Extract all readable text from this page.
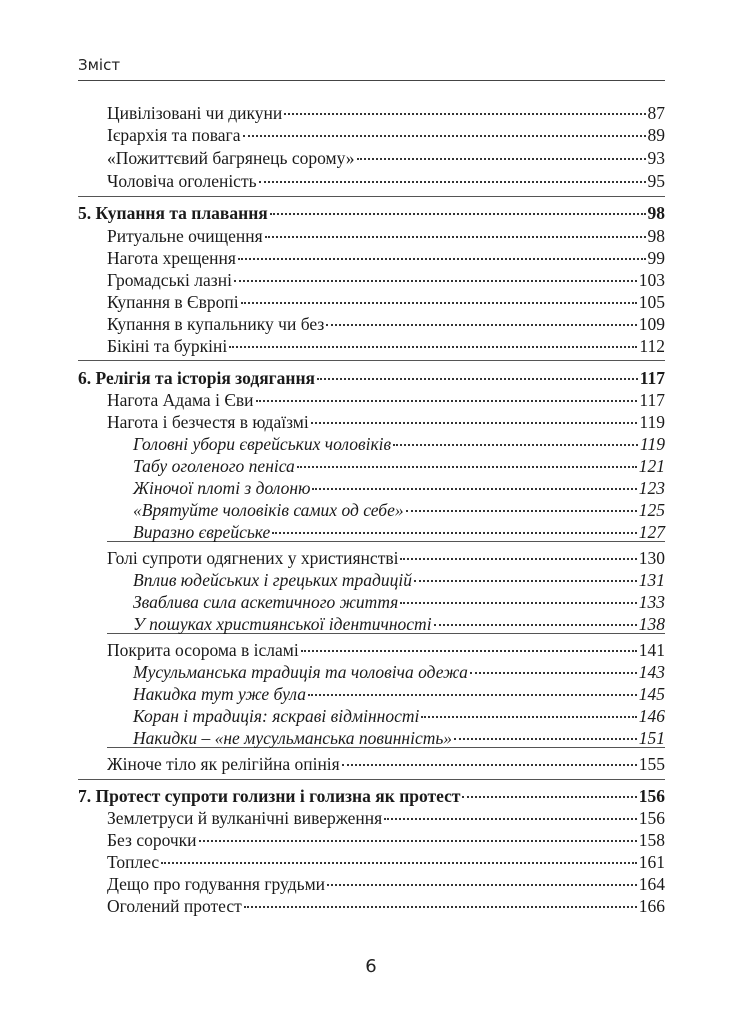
Зміст
Цивілізовані чи дикуни	87
Ієрархія та повага	89
«Пожиттєвий багрянець сорому»	93
Чоловіча оголеність	95
5. Купання та плавання	98
Ритуальне очищення	98
Нагота хрещення	99
Громадські лазні	103
Купання в Європі	105
Купання в купальнику чи без	109
Бікіні та буркіні	112
6. Релігія та історія зодягання	117
Нагота Адама і Єви	117
Нагота і безчестя в юдаїзмі	119
Головні убори єврейських чоловіків	119
Табу оголеного пеніса	121
Жіночої плоті з долоню	123
«Врятуйте чоловіків самих од себе»	125
Виразно єврейське	127
Голі супроти одягнених у християнстві	130
Вплив юдейських і грецьких традицій	131
Зваблива сила аскетичного життя	133
У пошуках християнської ідентичності	138
Покрита осорома в ісламі	141
Мусульманська традиція та чоловіча одежа	143
Накидка тут уже була	145
Коран і традиція: яскраві відмінності	146
Накидки – «не мусульманська повинність»	151
Жіноче тіло як релігійна опінія	155
7. Протест супроти голизни і голизна як протест	156
Землетруси й вулканічні виверження	156
Без сорочки	158
Топлес	161
Дещо про годування грудьми	164
Оголений протест	166
6
